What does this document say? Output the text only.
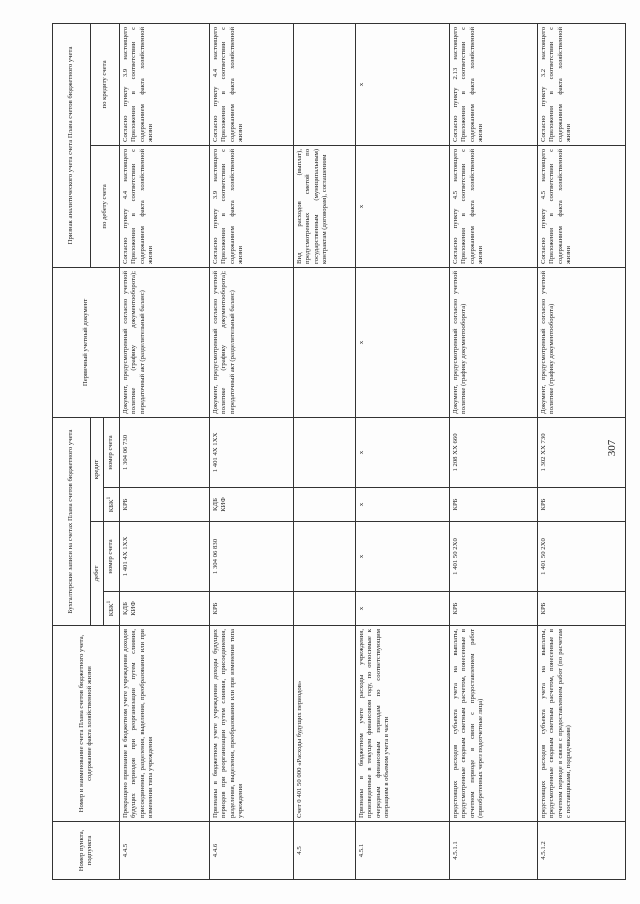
307
Номер пункта, подпункта	Номер и наименование счета Плана счетов бюджетного учета, содержание факта хозяйственной жизни	Бухгалтерские записи на счетах Плана счетов бюджетного учета				Первичный учетный документ	Признак аналитического учета счета Плана счетов бюджетного учета	
		дебет		кредит			по дебету счета	по кредиту счета
		КБК$^1$	номер счета	КБК$^1$	номер счета			
4.4.5	Прекращено признание в бюджетном учете учреждения доходов будущих периодов при реорганизации путем слияния, присоединения, разделения, выделения, преобразования или при изменении типа учреждения	КДБ КИФ	1 401 4Х 1ХХ	КРБ	1 304 06 730	Документ, предусмотренный согласно учетной политике (графику документооборота); передаточный акт (разделительный баланс)	Согласно пункту 4.4 настоящего Приложения в соответствии с содержанием факта хозяйственной жизни	Согласно пункту 3.9 настоящего Приложения в соответствии с содержанием факта хозяйственной жизни
4.4.6	Признаны в бюджетном учете учреждения доходы будущих периодов при реорганизации путем слияния, присоединения, разделения, выделения, преобразования или при изменении типа учреждения	КРБ	1 304 06 830	КДБ КИФ	1 401 4Х 1ХХ	Документ, предусмотренный согласно учетной политике (графику документооборота); передаточный акт (разделительный баланс)	Согласно пункту 3.9 настоящего Приложения в соответствии с содержанием факта хозяйственной жизни	Согласно пункту 4.4 настоящего Приложения в соответствии с содержанием факта хозяйственной жизни
4.5	Счет 0 401 50 000 «Расходы будущих периодов»						Вид расходов (выплат), предусмотренных сметой по государственным (муниципальным) контрактам (договорам), соглашениям	
4.5.1	Признаны в бюджетном учете расходы учреждения, произведенные в текущем финансовом году, по относимые к очередным финансовым периодам по соответствующим операциям в объемом учета в части	x	x	x	x	x	x	x
4.5.1.1	предстоящих расходов субъекта учета на выплаты, предусмотренные сводным сметным расчетом, понесенные в отчетном периоде в связи с предоставлением работ (приобретенных через подотчетные лица)	КРБ	1 401 50 2Х0	КРБ	1 208 ХХ 660	Документ, предусмотренный согласно учетной политике (графику документооборота)	Согласно пункту 4.5 настоящего Приложения в соответствии с содержанием факта хозяйственной жизни	Согласно пункту 2.13 настоящего Приложения в соответствии с содержанием факта хозяйственной жизни
4.5.1.2	предстоящих расходов субъекта учета на выплаты, предусмотренные сводным сметным расчетом, понесенные в отчетном периоде в связи с предоставлением работ (по расчетам с поставщиками, подрядчиками)	КРБ	1 401 50 2Х0	КРБ	1 302 ХХ 730	Документ, предусмотренный согласно учетной политике (графику документооборота)	Согласно пункту 4.5 настоящего Приложения в соответствии с содержанием факта хозяйственной жизни	Согласно пункту 3.2 настоящего Приложения в соответствии с содержанием факта хозяйственной жизни
